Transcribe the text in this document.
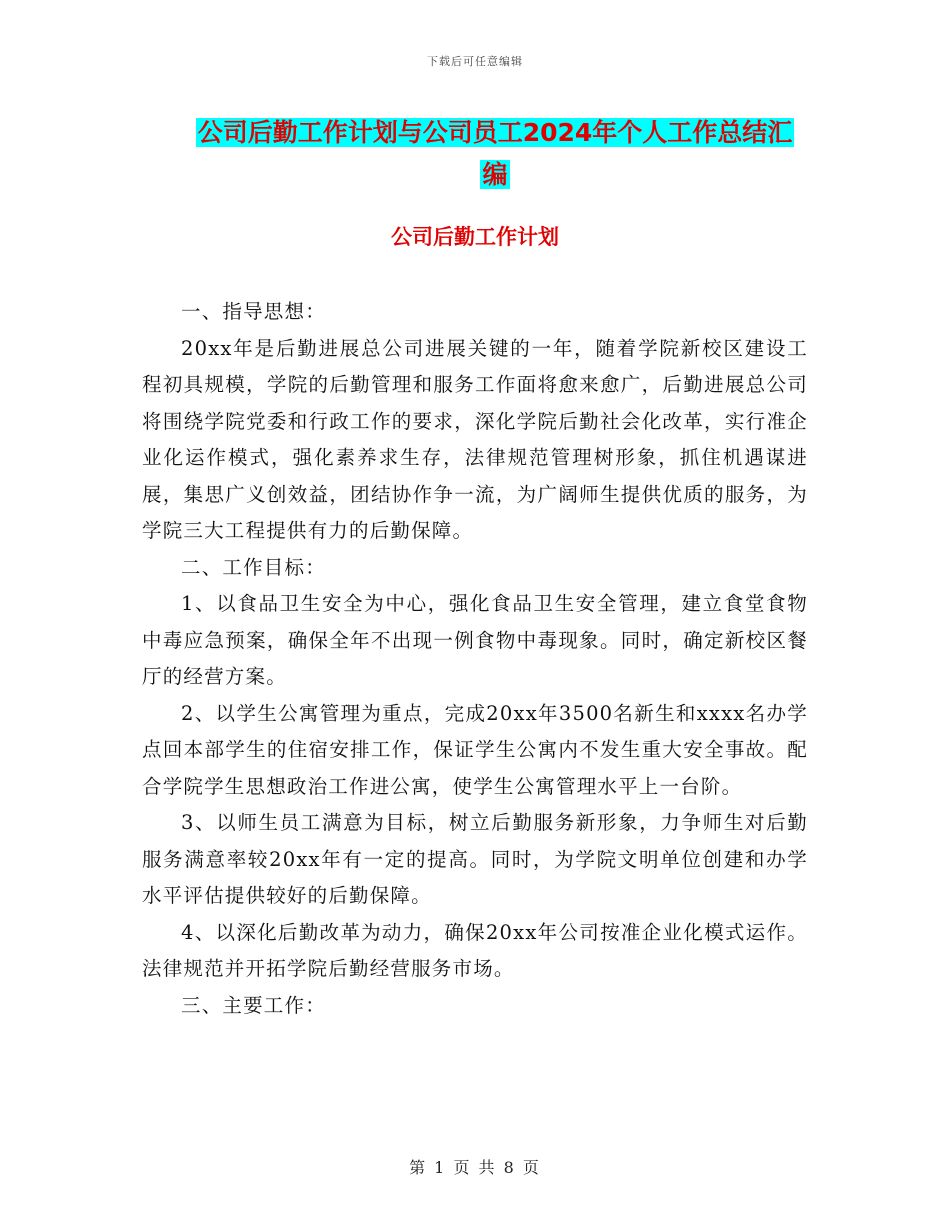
下载后可任意编辑
公司后勤工作计划与公司员工2024年个人工作总结汇
编
公司后勤工作计划

一、指导思想：

20xx年是后勤进展总公司进展关键的一年，随着学院新校区建设工程初具规模，学院的后勤管理和服务工作面将愈来愈广，后勤进展总公司将围绕学院党委和行政工作的要求，深化学院后勤社会化改革，实行准企业化运作模式，强化素养求生存，法律规范管理树形象，抓住机遇谋进展，集思广义创效益，团结协作争一流，为广阔师生提供优质的服务，为学院三大工程提供有力的后勤保障。

二、工作目标：

1、以食品卫生安全为中心，强化食品卫生安全管理，建立食堂食物中毒应急预案，确保全年不出现一例食物中毒现象。同时，确定新校区餐厅的经营方案。

2、以学生公寓管理为重点，完成20xx年3500名新生和xxxx名办学点回本部学生的住宿安排工作，保证学生公寓内不发生重大安全事故。配合学院学生思想政治工作进公寓，使学生公寓管理水平上一台阶。

3、以师生员工满意为目标，树立后勤服务新形象，力争师生对后勤服务满意率较20xx年有一定的提高。同时，为学院文明单位创建和办学水平评估提供较好的后勤保障。

4、以深化后勤改革为动力，确保20xx年公司按准企业化模式运作。法律规范并开拓学院后勤经营服务市场。

三、主要工作：

第 1 页 共 8 页
